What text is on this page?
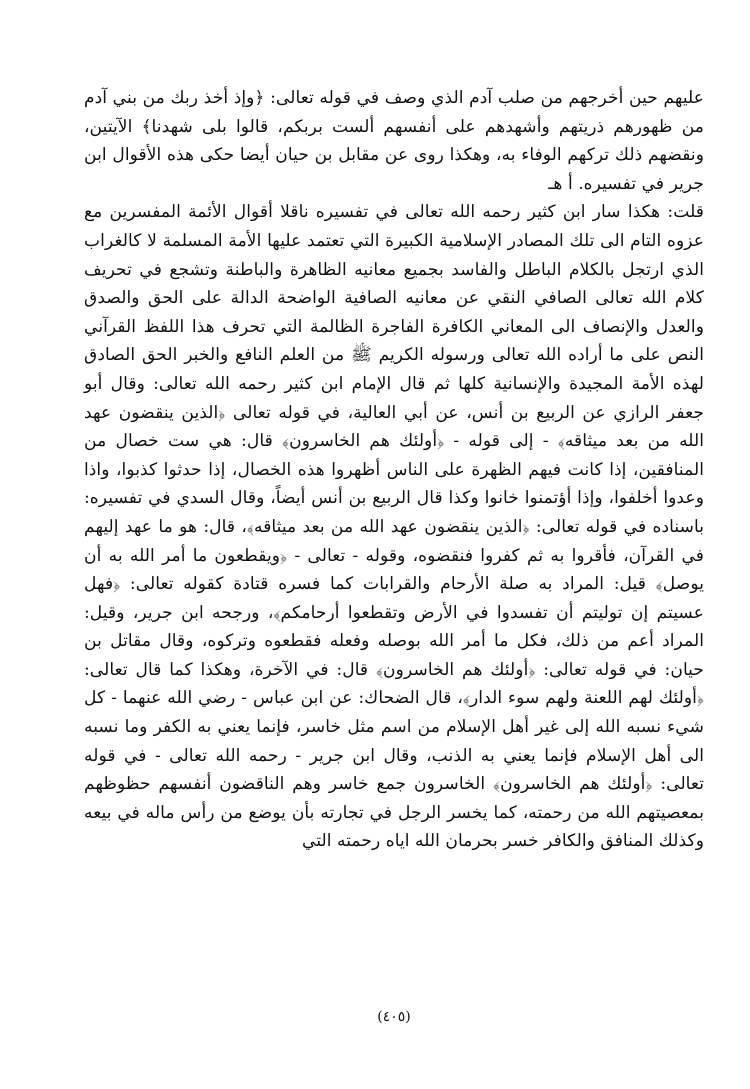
عليهم حين أخرجهم من صلب آدم الذي وصف في قوله تعالى: ﴿وإذ أخذ ربك من بني آدم من ظهورهم ذريتهم وأشهدهم على أنفسهم ألست بربكم، قالوا بلى شهدنا﴾ الآيتين، ونقضهم ذلك تركهم الوفاء به، وهكذا روى عن مقابل بن حيان أيضا حكى هذه الأقوال ابن جرير في تفسيره. أ هـ

قلت: هكذا سار ابن كثير رحمه الله تعالى في تفسيره ناقلا أقوال الأئمة المفسرين مع عزوه التام الى تلك المصادر الإسلامية الكبيرة التي تعتمد عليها الأمة المسلمة لا كالغراب الذي ارتجل بالكلام الباطل والفاسد بجميع معانيه الظاهرة والباطنة وتشجع في تحريف كلام الله تعالى الصافي النقي عن معانيه الصافية الواضحة الدالة على الحق والصدق والعدل والإنصاف الى المعاني الكافرة الفاجرة الظالمة التي تحرف هذا اللفظ القرآني النص على ما أراده الله تعالى ورسوله الكريم ﷺ من العلم النافع والخبر الحق الصادق لهذه الأمة المجيدة والإنسانية كلها ثم قال الإمام ابن كثير رحمه الله تعالى: وقال أبو جعفر الرازي عن الربيع بن أنس، عن أبي العالية، في قوله تعالى ﴿الذين ينقضون عهد الله من بعد ميثاقه﴾ - إلى قوله - ﴿أولئك هم الخاسرون﴾ قال: هي ست خصال من المنافقين، إذا كانت فيهم الظهرة على الناس أظهروا هذه الخصال، إذا حدثوا كذبوا، واذا وعدوا أخلفوا، وإذا أؤتمنوا خانوا وكذا قال الربيع بن أنس أيضاً، وقال السدي في تفسيره: باسناده في قوله تعالى: ﴿الذين ينقضون عهد الله من بعد ميثاقه﴾، قال: هو ما عهد إليهم في القرآن، فأقروا به ثم كفروا فنقضوه، وقوله - تعالى - ﴿ويقطعون ما أمر الله به أن يوصل﴾ قيل: المراد به صلة الأرحام والقرابات كما فسره قتادة كقوله تعالى: ﴿فهل عسيتم إن توليتم أن تفسدوا في الأرض وتقطعوا أرحامكم﴾، ورجحه ابن جرير، وقيل: المراد أعم من ذلك، فكل ما أمر الله بوصله وفعله فقطعوه وتركوه، وقال مقاتل بن حيان: في قوله تعالى: ﴿أولئك هم الخاسرون﴾ قال: في الآخرة، وهكذا كما قال تعالى: ﴿أولئك لهم اللعنة ولهم سوء الدار﴾، قال الضحاك: عن ابن عباس - رضي الله عنهما - كل شيء نسبه الله إلى غير أهل الإسلام من اسم مثل خاسر، فإنما يعني به الكفر وما نسبه الى أهل الإسلام فإنما يعني به الذنب، وقال ابن جرير - رحمه الله تعالى - في قوله تعالى: ﴿أولئك هم الخاسرون﴾ الخاسرون جمع خاسر وهم الناقضون أنفسهم حظوظهم بمعصيتهم الله من رحمته، كما يخسر الرجل في تجارته بأن يوضع من رأس ماله في بيعه وكذلك المنافق والكافر خسر بحرمان الله اياه رحمته التي

(٤٠٥)
